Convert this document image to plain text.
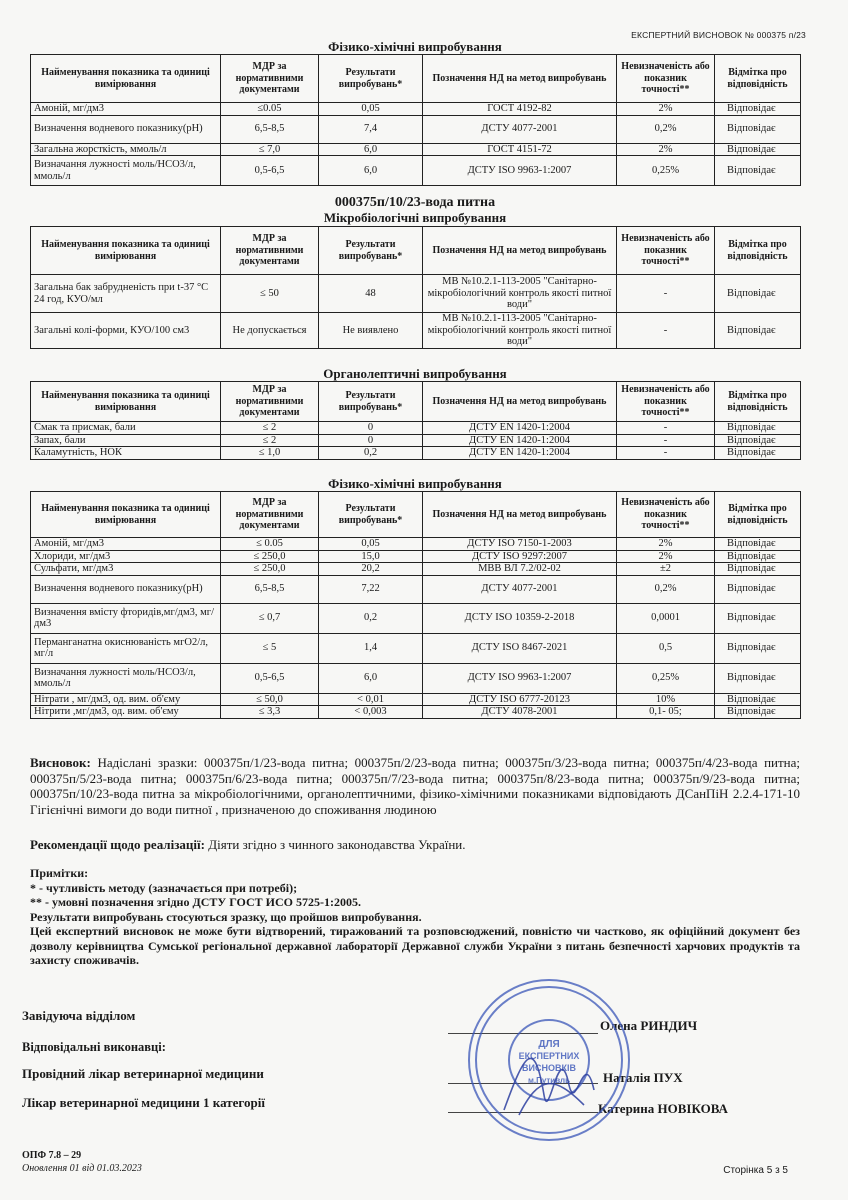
ЕКСПЕРТНИЙ ВИСНОВОК № 000375 п/23
Фізико-хімічні випробування
Найменування показника та одиниці вимірювання	МДР за нормативними документами	Результати випробувань*	Позначення НД на метод випробувань	Невизначеність або показник точності**	Відмітка про відповідність
Амоній, мг/дм3	≤0.05	0,05	ГОСТ 4192-82	2%	Відповідає
Визначення водневого показнику(рН)	6,5-8,5	7,4	ДСТУ 4077-2001	0,2%	Відповідає
Загальна жорсткість, ммоль/л	≤ 7,0	6,0	ГОСТ 4151-72	2%	Відповідає
Визначання лужності моль/НСО3/л, ммоль/л	0,5-6,5	6,0	ДСТУ ISO 9963-1:2007	0,25%	Відповідає
000375п/10/23-вода питна
Мікробіологічні випробування
Найменування показника та одиниці вимірювання	МДР за нормативними документами	Результати випробувань*	Позначення НД на метод випробувань	Невизначеність або показник точності**	Відмітка про відповідність
Загальна бак забрудненість при t-37 °С 24 год, КУО/мл	≤ 50	48	МВ №10.2.1-113-2005 "Санітарно-мікробіологічний контроль якості питної води"	-	Відповідає
Загальні колі-форми, КУО/100 см3	Не допускається	Не виявлено	МВ №10.2.1-113-2005 "Санітарно-мікробіологічний контроль якості питної води"	-	Відповідає
Органолептичні випробування
Найменування показника та одиниці вимірювання	МДР за нормативними документами	Результати випробувань*	Позначення НД на метод випробувань	Невизначеність або показник точності**	Відмітка про відповідність
Смак та присмак, бали	≤ 2	0	ДСТУ EN 1420-1:2004	-	Відповідає
Запах, бали	≤ 2	0	ДСТУ EN 1420-1:2004	-	Відповідає
Каламутність, НОК	≤ 1,0	0,2	ДСТУ EN 1420-1:2004	-	Відповідає
Фізико-хімічні випробування
Найменування показника та одиниці вимірювання	МДР за нормативними документами	Результати випробувань*	Позначення НД на метод випробувань	Невизначеність або показник точності**	Відмітка про відповідність
Амоній, мг/дм3	≤ 0.05	0,05	ДСТУ ISO 7150-1-2003	2%	Відповідає
Хлориди, мг/дм3	≤ 250,0	15,0	ДСТУ ISO 9297:2007	2%	Відповідає
Сульфати, мг/дм3	≤ 250,0	20,2	МВВ ВЛ 7.2/02-02	±2	Відповідає
Визначення водневого показнику(рН)	6,5-8,5	7,22	ДСТУ 4077-2001	0,2%	Відповідає
Визначення вмісту фторидів,мг/дм3, мг/дм3	≤ 0,7	0,2	ДСТУ ISO 10359-2-2018	0,0001	Відповідає
Перманганатна окиснюваність мгО2/л, мг/л	≤ 5	1,4	ДСТУ ISO 8467-2021	0,5	Відповідає
Визначання лужності моль/НСО3/л, ммоль/л	0,5-6,5	6,0	ДСТУ ISO 9963-1:2007	0,25%	Відповідає
Нітрати , мг/дм3, од. вим. об'єму	≤ 50,0	< 0,01	ДСТУ ISO 6777-20123	10%	Відповідає
Нітрити ,мг/дм3, од. вим. об'єму	≤ 3,3	< 0,003	ДСТУ 4078-2001	0,1- 05;	Відповідає
Висновок: Надіслані зразки: 000375п/1/23-вода питна; 000375п/2/23-вода питна; 000375п/3/23-вода питна; 000375п/4/23-вода питна; 000375п/5/23-вода питна; 000375п/6/23-вода питна; 000375п/7/23-вода питна; 000375п/8/23-вода питна; 000375п/9/23-вода питна; 000375п/10/23-вода питна за мікробіологічними, органолептичними, фізико-хімічними показниками відповідають ДСанПіН 2.2.4-171-10 Гігієнічні вимоги до води питної , призначеною до споживання людиною
Рекомендації щодо реалізації: Діяти згідно з чинного законодавства України.
Примітки:
* - чутливість методу (зазначається при потребі);
** - умовні позначення згідно ДСТУ ГОСТ ИСО 5725-1:2005.
Результати випробувань стосуються зразку, що пройшов випробування.
Цей експертний висновок не може бути відтворений, тиражований та розповсюджений, повністю чи частково, як офіційний документ без дозволу керівництва Сумської регіональної державної лабораторії Державної служби України з питань безпечності харчових продуктів та захисту споживачів.
Завідуюча відділом
Відповідальні виконавці:
Провідний лікар ветеринарної медицини
Лікар ветеринарної медицини 1 категорії
Олена РИНДИЧ
Наталія ПУХ
Катерина НОВІКОВА
ДЛЯ
ЕКСПЕРТНИХ
ВИСНОВКІВ
м.Путивль
ОПФ 7.8 – 29
Оновлення 01 від 01.03.2023	Сторінка 5 з 5
